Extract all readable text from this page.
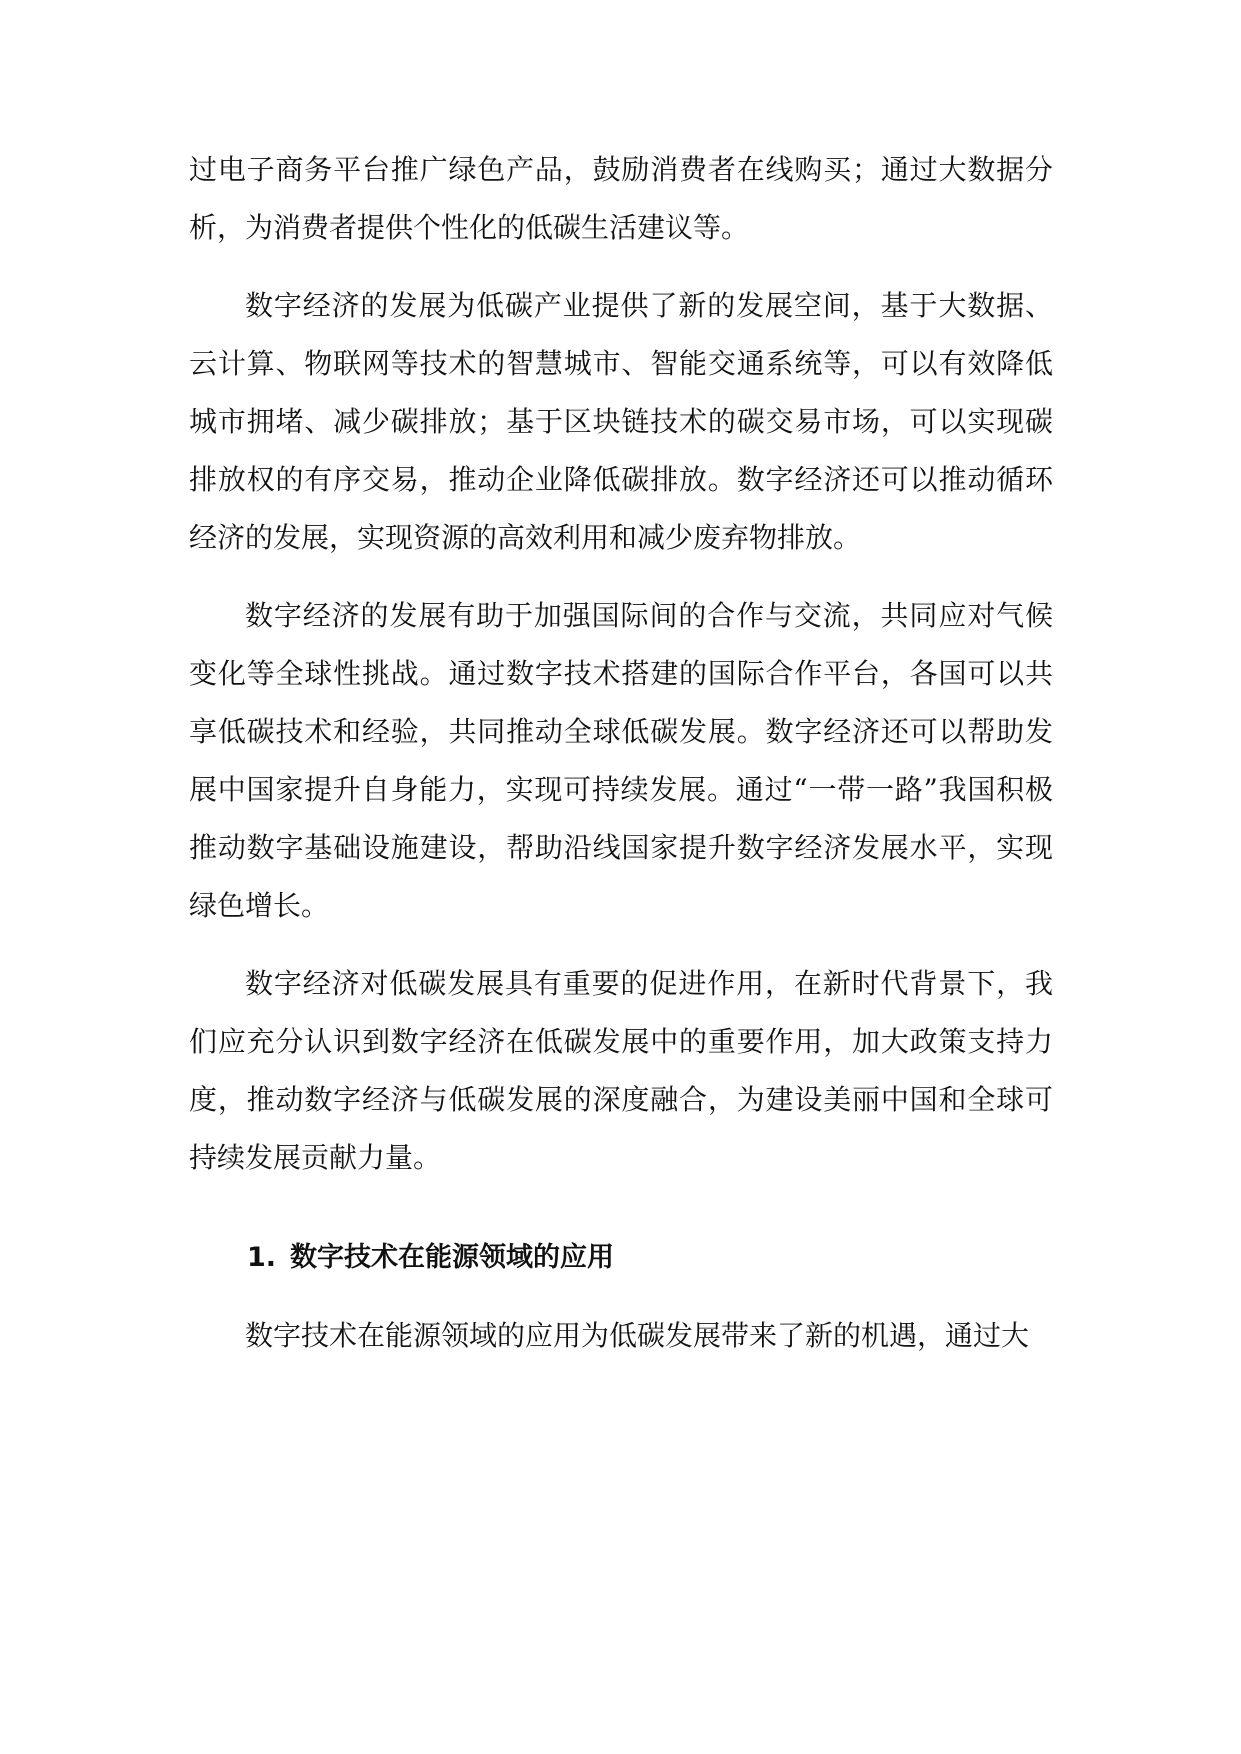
过电子商务平台推广绿色产品，鼓励消费者在线购买；通过大数据分析，为消费者提供个性化的低碳生活建议等。

数字经济的发展为低碳产业提供了新的发展空间，基于大数据、云计算、物联网等技术的智慧城市、智能交通系统等，可以有效降低城市拥堵、减少碳排放；基于区块链技术的碳交易市场，可以实现碳排放权的有序交易，推动企业降低碳排放。数字经济还可以推动循环经济的发展，实现资源的高效利用和减少废弃物排放。

数字经济的发展有助于加强国际间的合作与交流，共同应对气候变化等全球性挑战。通过数字技术搭建的国际合作平台，各国可以共享低碳技术和经验，共同推动全球低碳发展。数字经济还可以帮助发展中国家提升自身能力，实现可持续发展。通过“一带一路”我国积极推动数字基础设施建设，帮助沿线国家提升数字经济发展水平，实现绿色增长。

数字经济对低碳发展具有重要的促进作用，在新时代背景下，我们应充分认识到数字经济在低碳发展中的重要作用，加大政策支持力度，推动数字经济与低碳发展的深度融合，为建设美丽中国和全球可持续发展贡献力量。

1. 数字技术在能源领域的应用

数字技术在能源领域的应用为低碳发展带来了新的机遇，通过大
